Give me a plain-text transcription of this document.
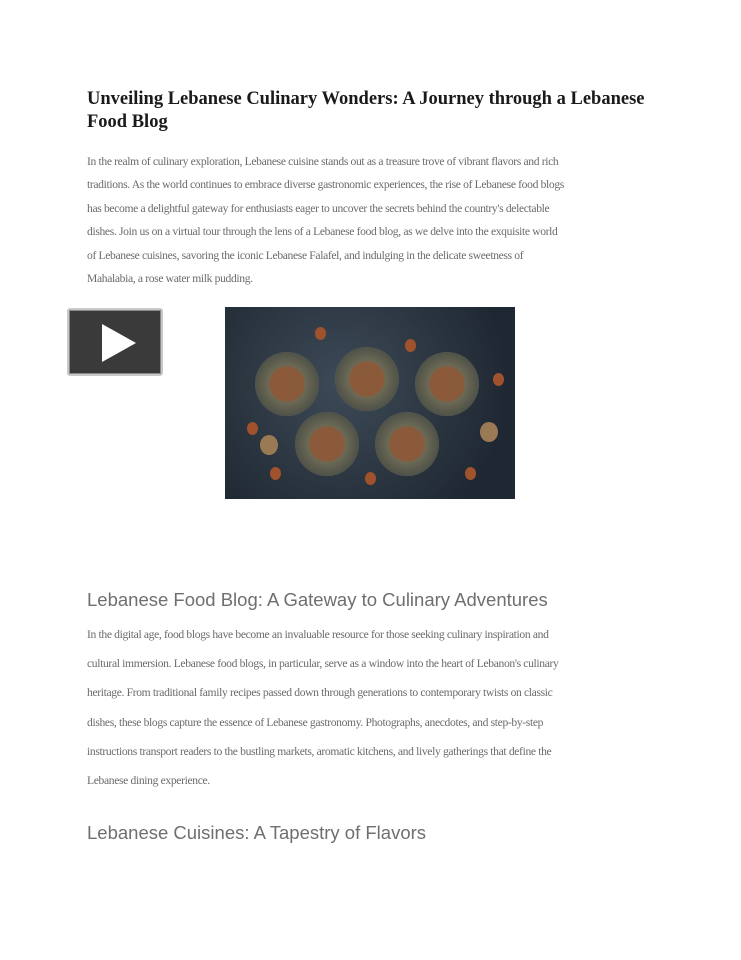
Unveiling Lebanese Culinary Wonders: A Journey through a Lebanese Food Blog
In the realm of culinary exploration, Lebanese cuisine stands out as a treasure trove of vibrant flavors and rich
traditions. As the world continues to embrace diverse gastronomic experiences, the rise of Lebanese food blogs
has become a delightful gateway for enthusiasts eager to uncover the secrets behind the country's delectable
dishes. Join us on a virtual tour through the lens of a Lebanese food blog, as we delve into the exquisite world
of Lebanese cuisines, savoring the iconic Lebanese Falafel, and indulging in the delicate sweetness of
Mahalabia, a rose water milk pudding.
Lebanese Food Blog: A Gateway to Culinary Adventures
In the digital age, food blogs have become an invaluable resource for those seeking culinary inspiration and
cultural immersion. Lebanese food blogs, in particular, serve as a window into the heart of Lebanon's culinary
heritage. From traditional family recipes passed down through generations to contemporary twists on classic
dishes, these blogs capture the essence of Lebanese gastronomy. Photographs, anecdotes, and step-by-step
instructions transport readers to the bustling markets, aromatic kitchens, and lively gatherings that define the
Lebanese dining experience.
Lebanese Cuisines: A Tapestry of Flavors
